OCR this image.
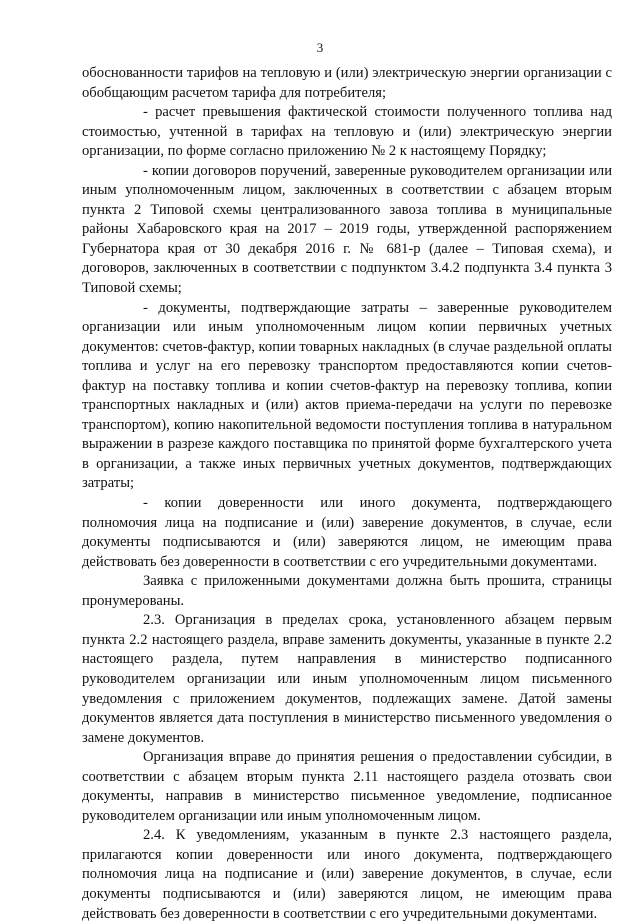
3

обоснованности тарифов на тепловую и (или) электрическую энергии организации с обобщающим расчетом тарифа для потребителя;

- расчет превышения фактической стоимости полученного топлива над стоимостью, учтенной в тарифах на тепловую и (или) электрическую энергии организации, по форме согласно приложению № 2 к настоящему Порядку;

- копии договоров поручений, заверенные руководителем организации или иным уполномоченным лицом, заключенных в соответствии с абзацем вторым пункта 2 Типовой схемы централизованного завоза топлива в муниципальные районы Хабаровского края на 2017 – 2019 годы, утвержденной распоряжением Губернатора края от 30 декабря 2016 г. № 681-р (далее – Типовая схема), и договоров, заключенных в соответствии с подпунктом 3.4.2 подпункта 3.4 пункта 3 Типовой схемы;

- документы, подтверждающие затраты – заверенные руководителем организации или иным уполномоченным лицом копии первичных учетных документов: счетов-фактур, копии товарных накладных (в случае раздельной оплаты топлива и услуг на его перевозку транспортом предоставляются копии счетов-фактур на поставку топлива и копии счетов-фактур на перевозку топлива, копии транспортных накладных и (или) актов приема-передачи на услуги по перевозке транспортом), копию накопительной ведомости поступления топлива в натуральном выражении в разрезе каждого поставщика по принятой форме бухгалтерского учета в организации, а также иных первичных учетных документов, подтверждающих затраты;

- копии доверенности или иного документа, подтверждающего полномочия лица на подписание и (или) заверение документов, в случае, если документы подписываются и (или) заверяются лицом, не имеющим права действовать без доверенности в соответствии с его учредительными документами.

Заявка с приложенными документами должна быть прошита, страницы пронумерованы.

2.3. Организация в пределах срока, установленного абзацем первым пункта 2.2 настоящего раздела, вправе заменить документы, указанные в пункте 2.2 настоящего раздела, путем направления в министерство подписанного руководителем организации или иным уполномоченным лицом письменного уведомления с приложением документов, подлежащих замене. Датой замены документов является дата поступления в министерство письменного уведомления о замене документов.

Организация вправе до принятия решения о предоставлении субсидии, в соответствии с абзацем вторым пункта 2.11 настоящего раздела отозвать свои документы, направив в министерство письменное уведомление, подписанное руководителем организации или иным уполномоченным лицом.

2.4. К уведомлениям, указанным в пункте 2.3 настоящего раздела, прилагаются копии доверенности или иного документа, подтверждающего полномочия лица на подписание и (или) заверение документов, в случае, если документы подписываются и (или) заверяются лицом, не имеющим права действовать без доверенности в соответствии с его учредительными документами.
